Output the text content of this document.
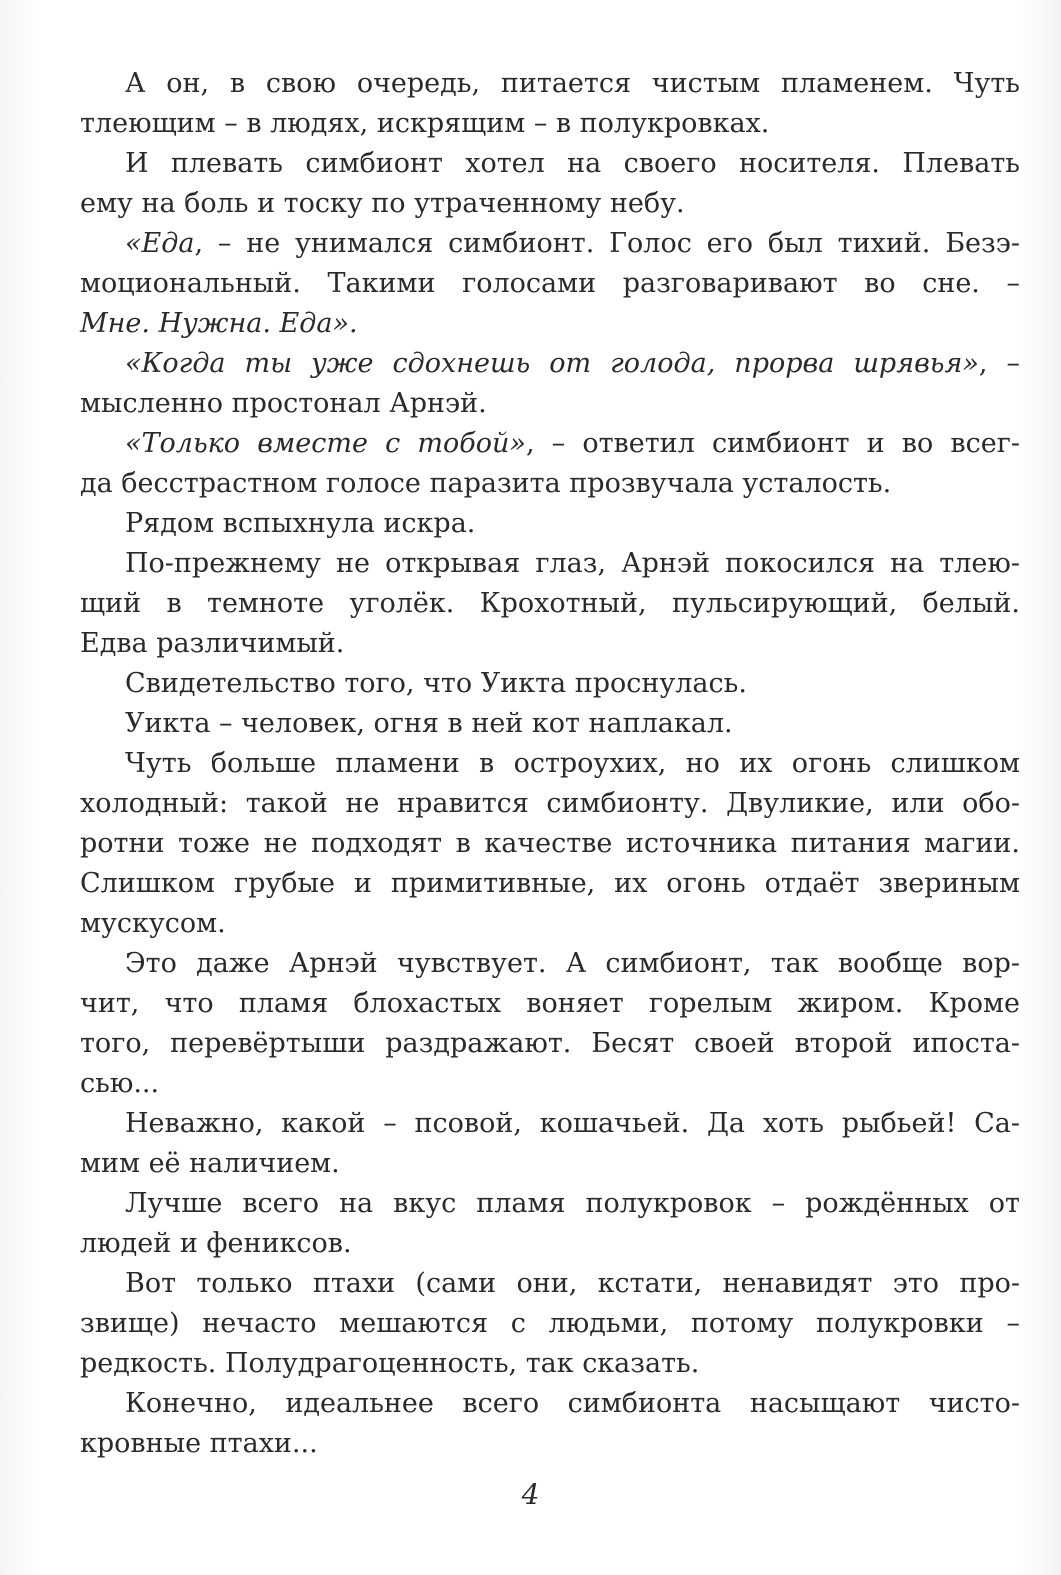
А он, в свою очередь, питается чистым пламенем. Чуть
тлеющим – в людях, искрящим – в полукровках.
И плевать симбионт хотел на своего носителя. Плевать
ему на боль и тоску по утраченному небу.
«Еда, – не унимался симбионт. Голос его был тихий. Безэ-
моциональный. Такими голосами разговаривают во сне. –
Мне. Нужна. Еда».
«Когда ты уже сдохнешь от голода, прорва шрявья», –
мысленно простонал Арнэй.
«Только вместе с тобой», – ответил симбионт и во всег-
да бесстрастном голосе паразита прозвучала усталость.
Рядом вспыхнула искра.
По-прежнему не открывая глаз, Арнэй покосился на тлею-
щий в темноте уголёк. Крохотный, пульсирующий, белый.
Едва различимый.
Свидетельство того, что Уикта проснулась.
Уикта – человек, огня в ней кот наплакал.
Чуть больше пламени в остроухих, но их огонь слишком
холодный: такой не нравится симбионту. Двуликие, или обо-
ротни тоже не подходят в качестве источника питания магии.
Слишком грубые и примитивные, их огонь отдаёт звериным
мускусом.
Это даже Арнэй чувствует. А симбионт, так вообще вор-
чит, что пламя блохастых воняет горелым жиром. Кроме
того, перевёртыши раздражают. Бесят своей второй ипоста-
сью...
Неважно, какой – псовой, кошачьей. Да хоть рыбьей! Са-
мим её наличием.
Лучше всего на вкус пламя полукровок – рождённых от
людей и фениксов.
Вот только птахи (сами они, кстати, ненавидят это про-
звище) нечасто мешаются с людьми, потому полукровки –
редкость. Полудрагоценность, так сказать.
Конечно, идеальнее всего симбионта насыщают чисто-
кровные птахи...
4
